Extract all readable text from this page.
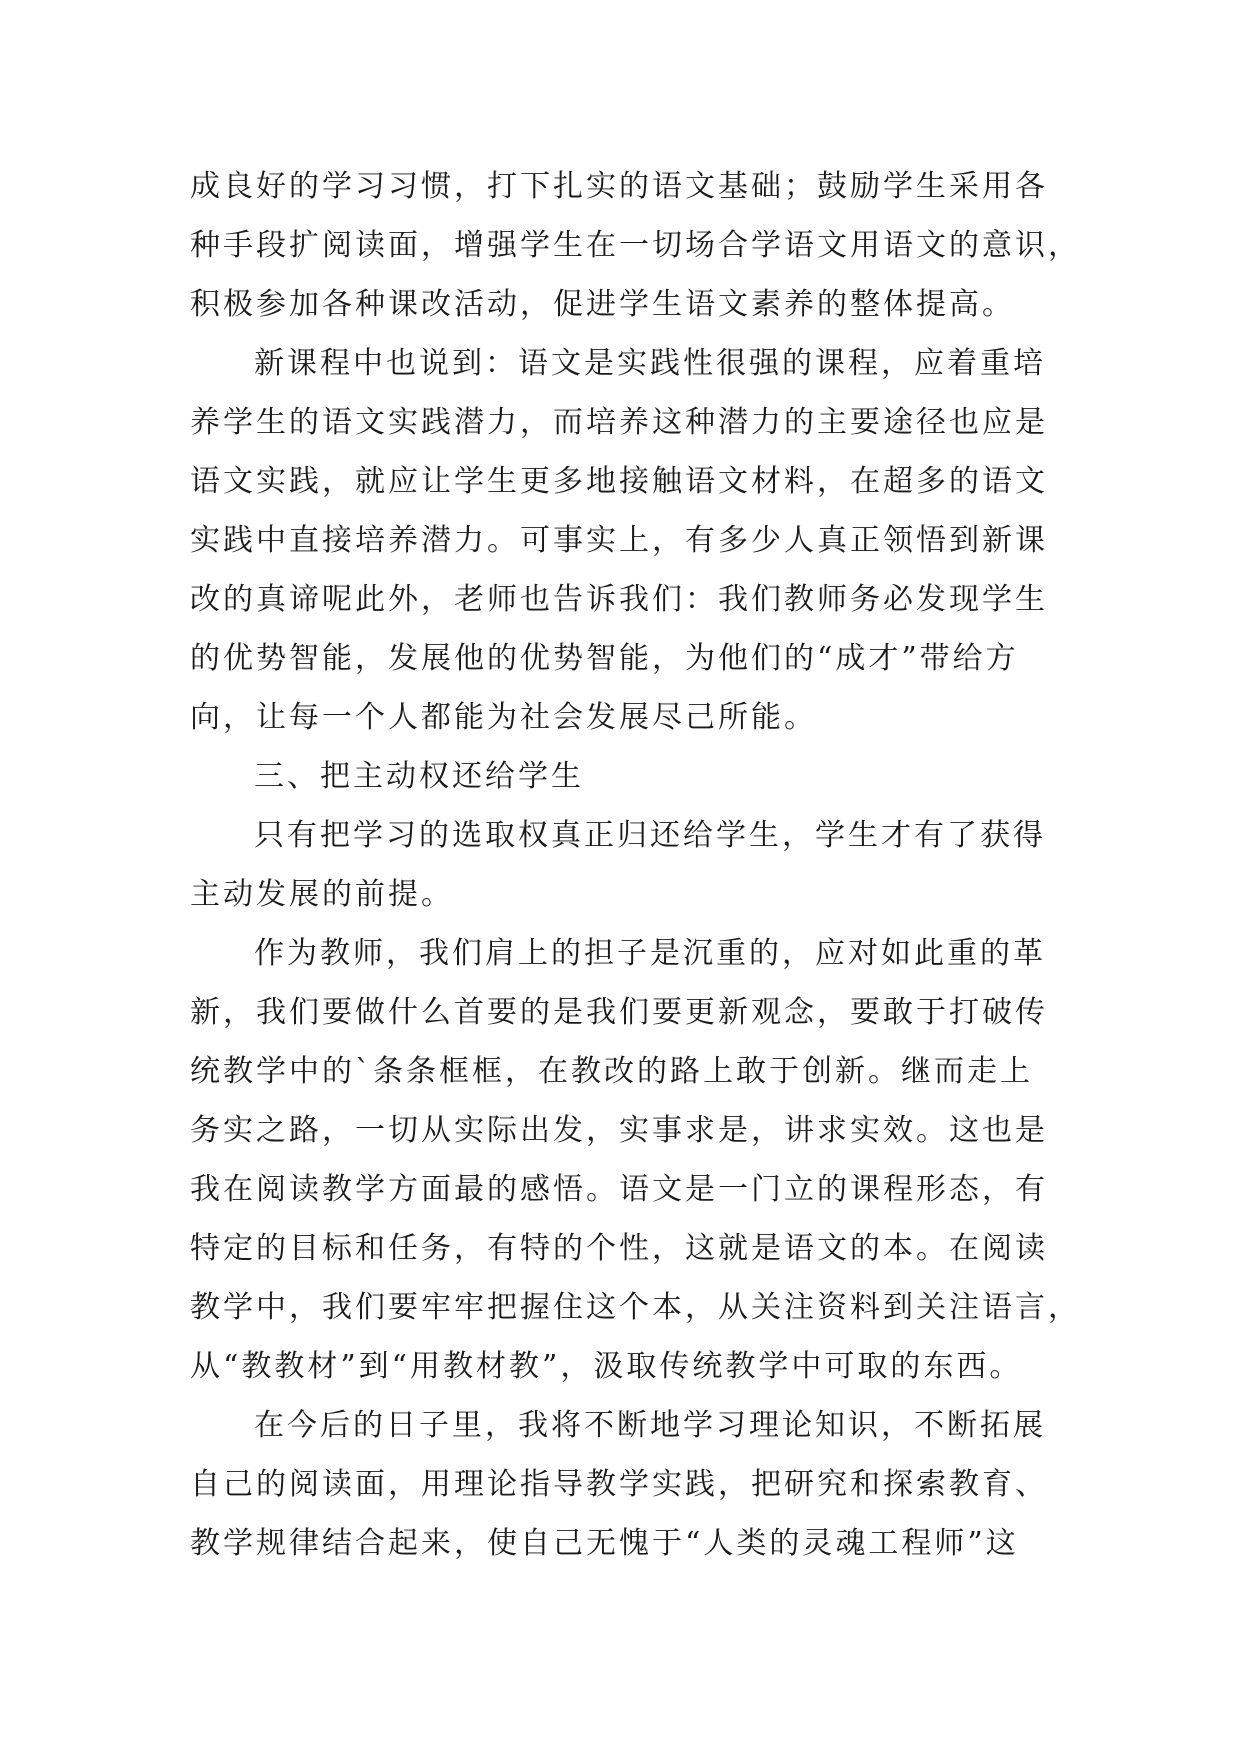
成良好的学习习惯，打下扎实的语文基础；鼓励学生采用各
种手段扩阅读面，增强学生在一切场合学语文用语文的意识，
积极参加各种课改活动，促进学生语文素养的整体提高。
新课程中也说到：语文是实践性很强的课程，应着重培
养学生的语文实践潜力，而培养这种潜力的主要途径也应是
语文实践，就应让学生更多地接触语文材料，在超多的语文
实践中直接培养潜力。可事实上，有多少人真正领悟到新课
改的真谛呢此外，老师也告诉我们：我们教师务必发现学生
的优势智能，发展他的优势智能，为他们的“成才”带给方
向，让每一个人都能为社会发展尽己所能。
三、把主动权还给学生
只有把学习的选取权真正归还给学生，学生才有了获得
主动发展的前提。
作为教师，我们肩上的担子是沉重的，应对如此重的革
新，我们要做什么首要的是我们要更新观念，要敢于打破传
统教学中的`条条框框，在教改的路上敢于创新。继而走上
务实之路，一切从实际出发，实事求是，讲求实效。这也是
我在阅读教学方面最的感悟。语文是一门立的课程形态，有
特定的目标和任务，有特的个性，这就是语文的本。在阅读
教学中，我们要牢牢把握住这个本，从关注资料到关注语言，
从“教教材”到“用教材教”，汲取传统教学中可取的东西。
在今后的日子里，我将不断地学习理论知识，不断拓展
自己的阅读面，用理论指导教学实践，把研究和探索教育、
教学规律结合起来，使自己无愧于“人类的灵魂工程师”这
